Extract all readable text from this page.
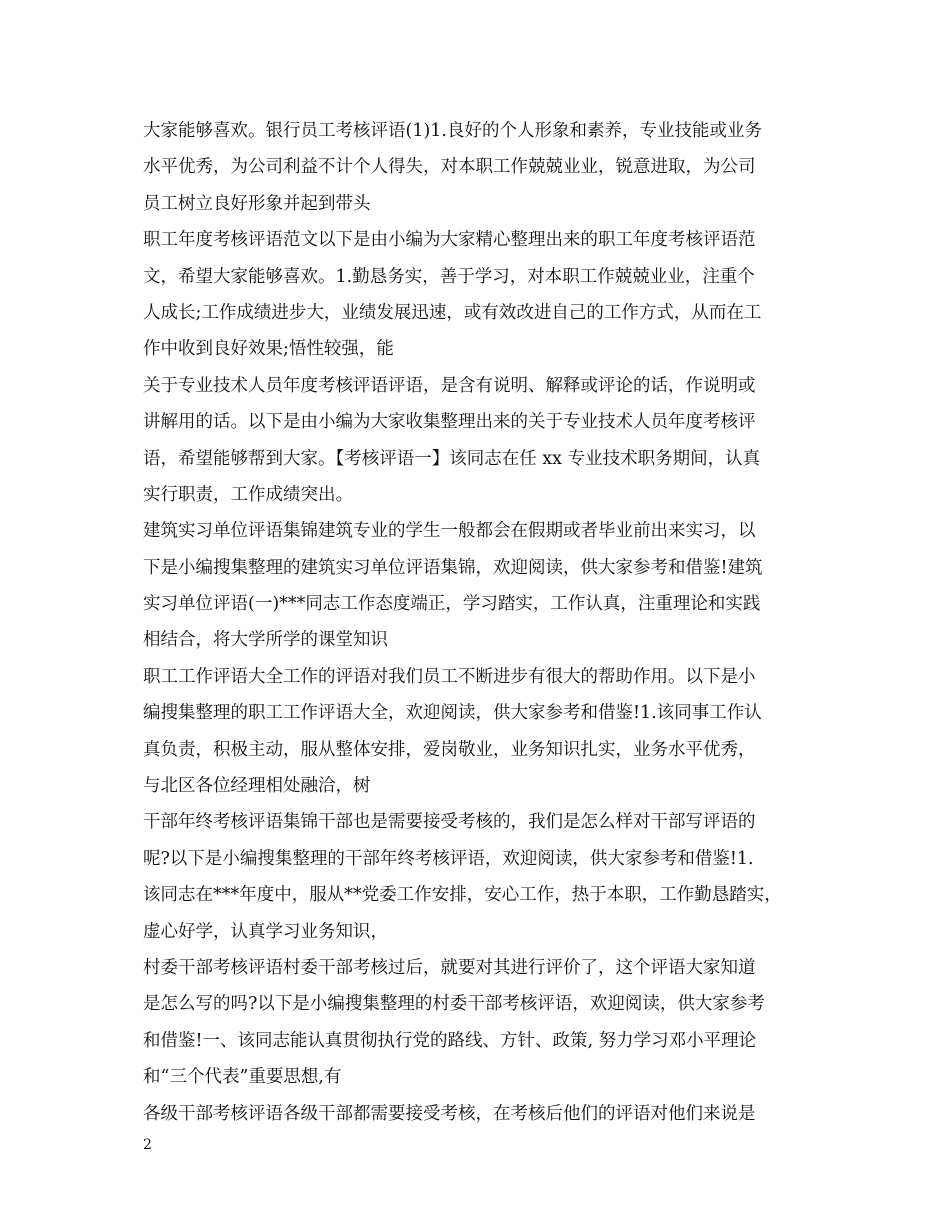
大家能够喜欢。银行员工考核评语(1)1.良好的个人形象和素养，专业技能或业务
水平优秀，为公司利益不计个人得失，对本职工作兢兢业业，锐意进取，为公司
员工树立良好形象并起到带头
职工年度考核评语范文以下是由小编为大家精心整理出来的职工年度考核评语范
文，希望大家能够喜欢。1.勤恳务实，善于学习，对本职工作兢兢业业，注重个
人成长;工作成绩进步大，业绩发展迅速，或有效改进自己的工作方式，从而在工
作中收到良好效果;悟性较强，能
关于专业技术人员年度考核评语评语，是含有说明、解释或评论的话，作说明或
讲解用的话。以下是由小编为大家收集整理出来的关于专业技术人员年度考核评
语，希望能够帮到大家。【考核评语一】该同志在任 xx 专业技术职务期间，认真
实行职责，工作成绩突出。
建筑实习单位评语集锦建筑专业的学生一般都会在假期或者毕业前出来实习，以
下是小编搜集整理的建筑实习单位评语集锦，欢迎阅读，供大家参考和借鉴!建筑
实习单位评语(一)***同志工作态度端正，学习踏实，工作认真，注重理论和实践
相结合，将大学所学的课堂知识
职工工作评语大全工作的评语对我们员工不断进步有很大的帮助作用。以下是小
编搜集整理的职工工作评语大全，欢迎阅读，供大家参考和借鉴!1.该同事工作认
真负责，积极主动，服从整体安排，爱岗敬业，业务知识扎实，业务水平优秀，
与北区各位经理相处融洽，树
干部年终考核评语集锦干部也是需要接受考核的，我们是怎么样对干部写评语的
呢?以下是小编搜集整理的干部年终考核评语，欢迎阅读，供大家参考和借鉴!1.
该同志在***年度中，服从**党委工作安排，安心工作，热于本职，工作勤恳踏实，
虚心好学，认真学习业务知识，
村委干部考核评语村委干部考核过后，就要对其进行评价了，这个评语大家知道
是怎么写的吗?以下是小编搜集整理的村委干部考核评语，欢迎阅读，供大家参考
和借鉴!一、该同志能认真贯彻执行党的路线、方针、政策, 努力学习邓小平理论
和“三个代表”重要思想,有
各级干部考核评语各级干部都需要接受考核，在考核后他们的评语对他们来说是
2
